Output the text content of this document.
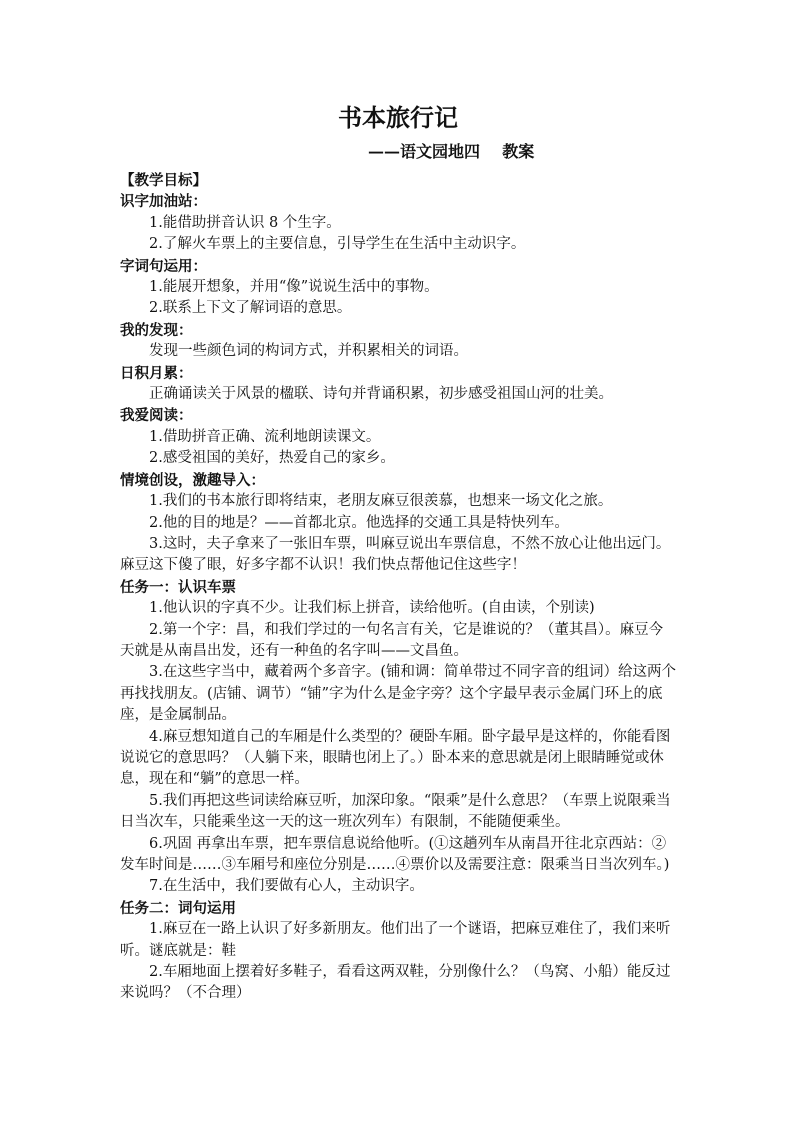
书本旅行记
——语文园地四    教案

【教学目标】

识字加油站：

1.能借助拼音认识 8 个生字。

2.了解火车票上的主要信息，引导学生在生活中主动识字。

字词句运用：

1.能展开想象，并用“像”说说生活中的事物。

2.联系上下文了解词语的意思。

我的发现：

发现一些颜色词的构词方式，并积累相关的词语。

日积月累：

正确诵读关于风景的楹联、诗句并背诵积累，初步感受祖国山河的壮美。

我爱阅读：

1.借助拼音正确、流利地朗读课文。

2.感受祖国的美好，热爱自己的家乡。

情境创设，激趣导入：

1.我们的书本旅行即将结束，老朋友麻豆很羡慕，也想来一场文化之旅。

2.他的目的地是？——首都北京。他选择的交通工具是特快列车。

3.这时，夫子拿来了一张旧车票，叫麻豆说出车票信息，不然不放心让他出远门。麻豆这下傻了眼，好多字都不认识！我们快点帮他记住这些字！

任务一：认识车票

1.他认识的字真不少。让我们标上拼音，读给他听。(自由读，个别读)

2.第一个字：昌，和我们学过的一句名言有关，它是谁说的？（董其昌）。麻豆今天就是从南昌出发，还有一种鱼的名字叫——文昌鱼。

3.在这些字当中，藏着两个多音字。(铺和调：简单带过不同字音的组词）给这两个再找找朋友。(店铺、调节）“铺”字为什么是金字旁？这个字最早表示金属门环上的底座，是金属制品。

4.麻豆想知道自己的车厢是什么类型的？硬卧车厢。卧字最早是这样的，你能看图说说它的意思吗？（人躺下来，眼睛也闭上了。）卧本来的意思就是闭上眼睛睡觉或休息，现在和“躺”的意思一样。

5.我们再把这些词读给麻豆听，加深印象。“限乘”是什么意思？（车票上说限乘当日当次车，只能乘坐这一天的这一班次列车）有限制，不能随便乘坐。

6.巩固 再拿出车票，把车票信息说给他听。(①这趟列车从南昌开往北京西站：②发车时间是……③车厢号和座位分别是……④票价以及需要注意：限乘当日当次列车。)

7.在生活中，我们要做有心人，主动识字。

任务二：词句运用

1.麻豆在一路上认识了好多新朋友。他们出了一个谜语，把麻豆难住了，我们来听听。谜底就是：鞋

2.车厢地面上摆着好多鞋子，看看这两双鞋，分别像什么？（鸟窝、小船）能反过来说吗？（不合理）
